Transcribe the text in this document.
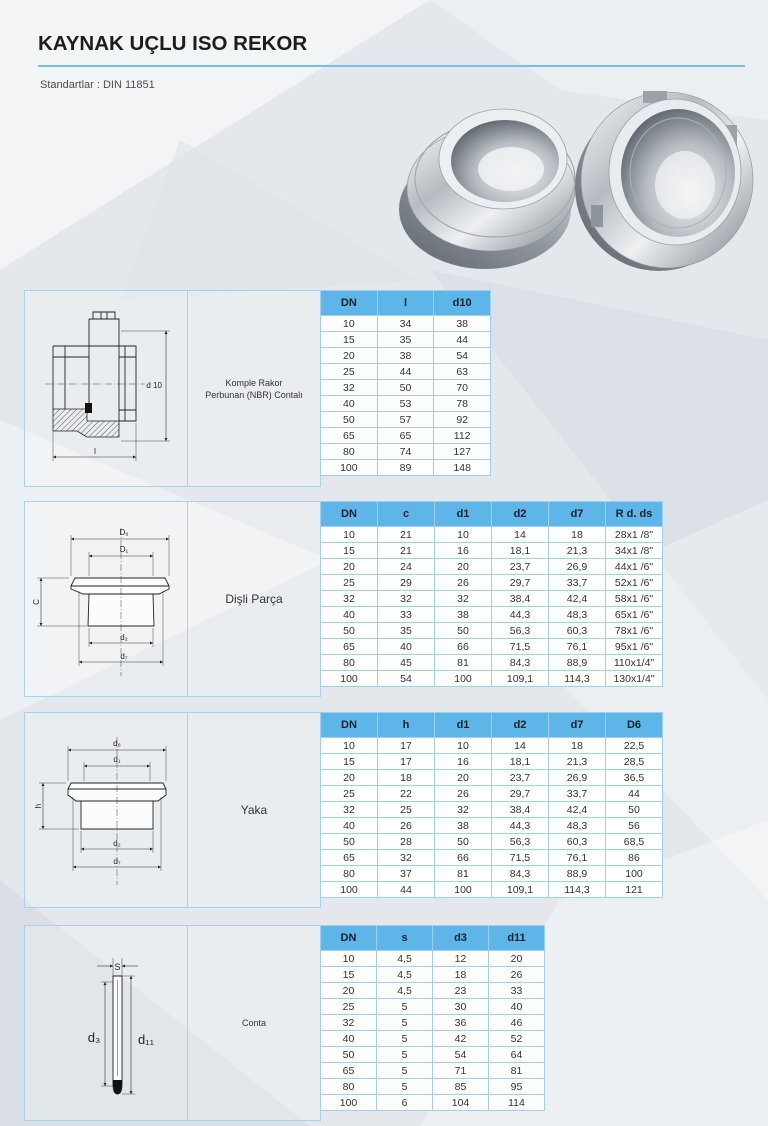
KAYNAK UÇLU ISO REKOR
Standartlar : DIN 11851
d 10
l
Komple Rakor
Perbunan (NBR) Contalı
DN	l	d10
10	34	38
15	35	44
20	38	54
25	44	63
32	50	70
40	53	78
50	57	92
65	65	112
80	74	127
100	89	148
D₆
D₁
C
d₂
d₇
Dişli Parça
DN	c	d1	d2	d7	R d. ds
10	21	10	14	18	28x1 /8"
15	21	16	18,1	21,3	34x1 /8"
20	24	20	23,7	26,9	44x1 /6"
25	29	26	29,7	33,7	52x1 /6"
32	32	32	38,4	42,4	58x1 /6"
40	33	38	44,3	48,3	65x1 /6"
50	35	50	56,3	60,3	78x1 /6"
65	40	66	71,5	76,1	95x1 /6"
80	45	81	84,3	88,9	110x1/4"
100	54	100	109,1	114,3	130x1/4"
d₆
d₁
h
d₂
d₇
Yaka
DN	h	d1	d2	d7	D6
10	17	10	14	18	22,5
15	17	16	18,1	21,3	28,5
20	18	20	23,7	26,9	36,5
25	22	26	29,7	33,7	44
32	25	32	38,4	42,4	50
40	26	38	44,3	48,3	56
50	28	50	56,3	60,3	68,5
65	32	66	71,5	76,1	86
80	37	81	84,3	88,9	100
100	44	100	109,1	114,3	121
S
d₃	d₁₁
Conta
DN	s	d3	d11
10	4,5	12	20
15	4,5	18	26
20	4,5	23	33
25	5	30	40
32	5	36	46
40	5	42	52
50	5	54	64
65	5	71	81
80	5	85	95
100	6	104	114
